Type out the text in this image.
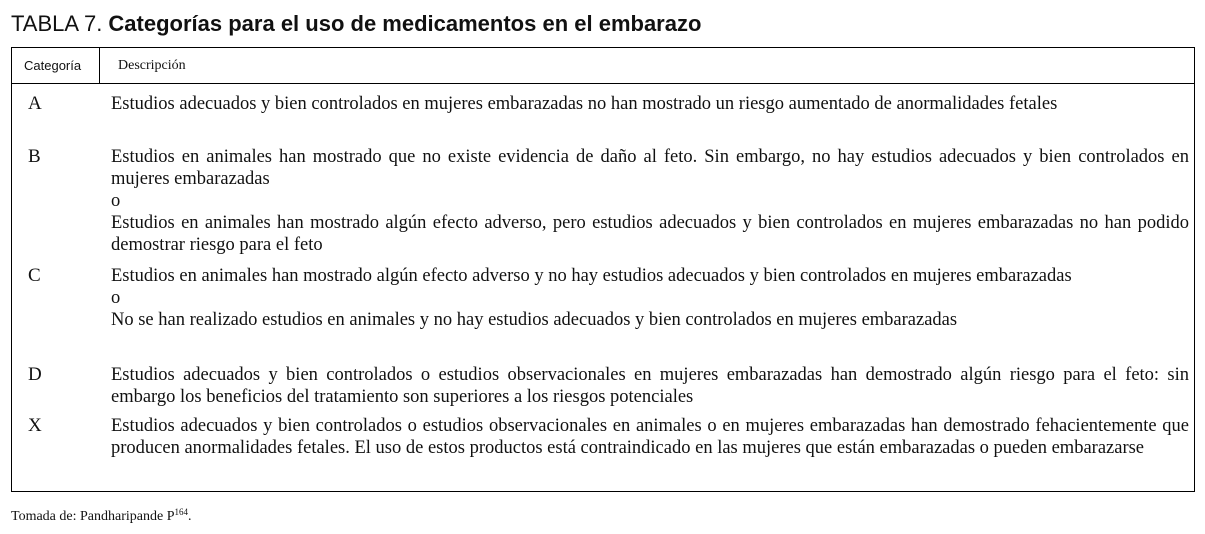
TABLA 7. Categorías para el uso de medicamentos en el embarazo
Categoría	Descripción
A	Estudios adecuados y bien controlados en mujeres embarazadas no han mostrado un riesgo aumentado de anormalidades fetales

B	Estudios en animales han mostrado que no existe evidencia de daño al feto. Sin embargo, no hay estudios adecuados y bien controlados en mujeres embarazadas

o

Estudios en animales han mostrado algún efecto adverso, pero estudios adecuados y bien controlados en mujeres embarazadas no han podido demostrar riesgo para el feto

C	Estudios en animales han mostrado algún efecto adverso y no hay estudios adecuados y bien controlados en mujeres embarazadas

o

No se han realizado estudios en animales y no hay estudios adecuados y bien controlados en mujeres embarazadas

D	Estudios adecuados y bien controlados o estudios observacionales en mujeres embarazadas han demostrado algún riesgo para el feto: sin embargo los beneficios del tratamiento son superiores a los riesgos potenciales

X	Estudios adecuados y bien controlados o estudios observacionales en animales o en mujeres embarazadas han demostrado fehacientemente que producen anormalidades fetales. El uso de estos productos está contraindicado en las mujeres que están embarazadas o pueden embarazarse

Tomada de: Pandharipande $P^{164}$.
